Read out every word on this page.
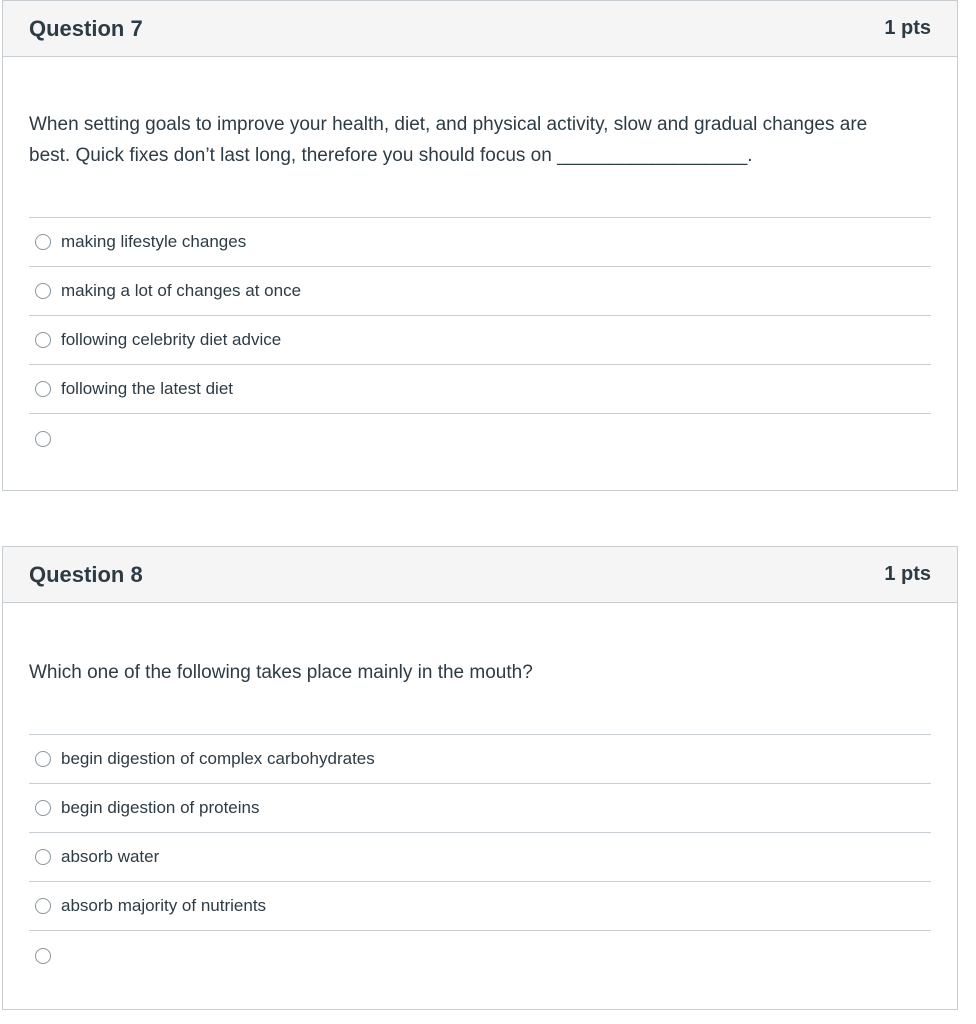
Question 7	1 pts
When setting goals to improve your health, diet, and physical activity, slow and gradual changes are
best. Quick fixes don’t last long, therefore you should focus on __________________.
making lifestyle changes
making a lot of changes at once
following celebrity diet advice
following the latest diet
Question 8	1 pts
Which one of the following takes place mainly in the mouth?
begin digestion of complex carbohydrates
begin digestion of proteins
absorb water
absorb majority of nutrients
